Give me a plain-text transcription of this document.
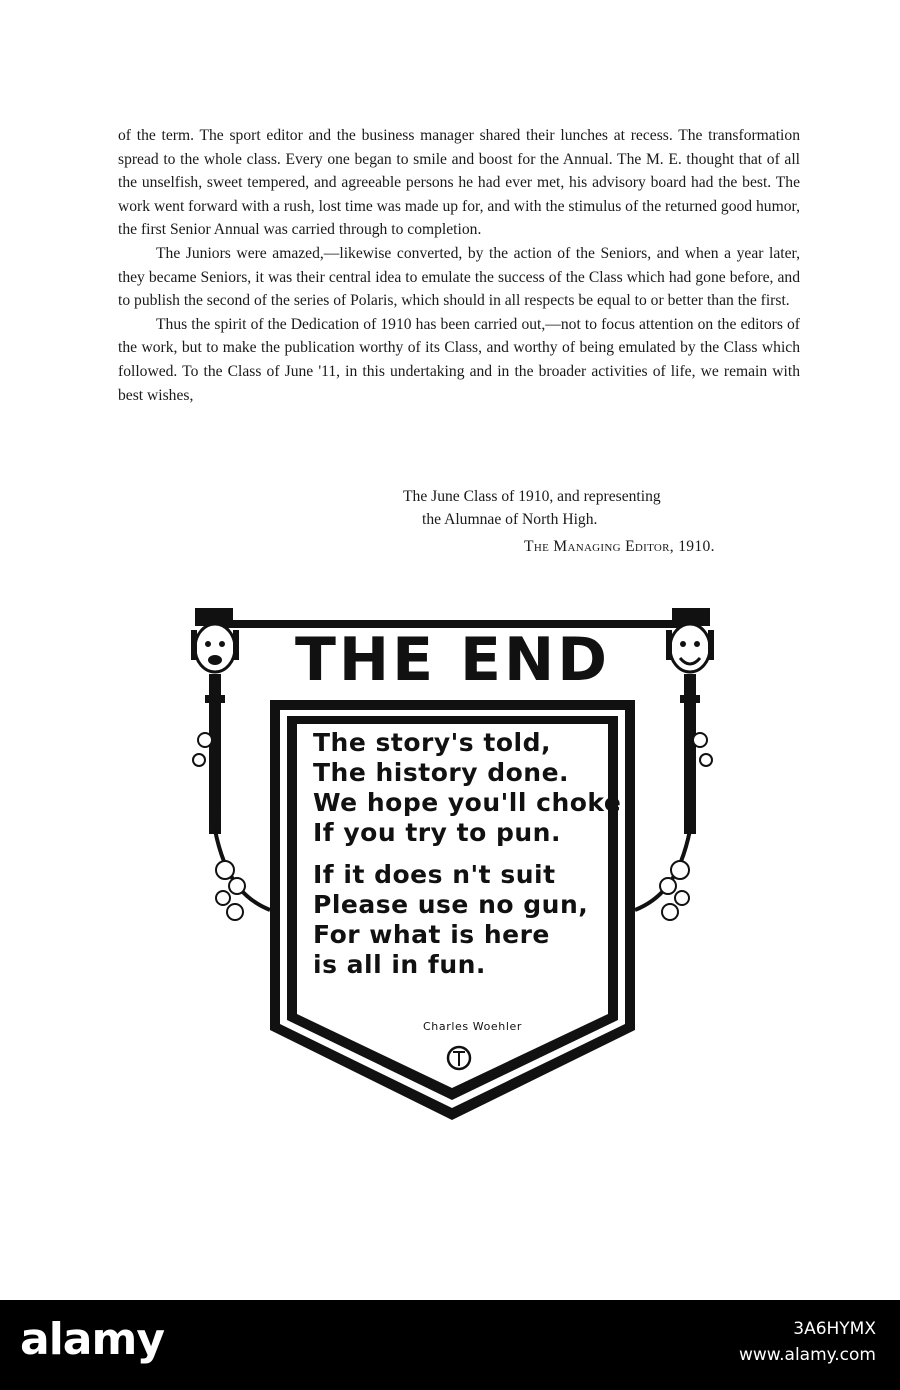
of the term. The sport editor and the business manager shared their lunches at recess. The transformation spread to the whole class. Every one began to smile and boost for the Annual. The M. E. thought that of all the unselfish, sweet tempered, and agreeable persons he had ever met, his advisory board had the best. The work went forward with a rush, lost time was made up for, and with the stimulus of the returned good humor, the first Senior Annual was carried through to completion.

The Juniors were amazed,—likewise converted, by the action of the Seniors, and when a year later, they became Seniors, it was their central idea to emulate the success of the Class which had gone before, and to publish the second of the series of Polaris, which should in all respects be equal to or better than the first.

Thus the spirit of the Dedication of 1910 has been carried out,—not to focus attention on the editors of the work, but to make the publication worthy of its Class, and worthy of being emulated by the Class which followed. To the Class of June '11, in this undertaking and in the broader activities of life, we remain with best wishes,

The June Class of 1910, and representing
the Alumnae of North High.
The Managing Editor, 1910.
THE END
The story's told,
The history done.
We hope you'll choke
If you try to pun.
If it does n't suit
Please use no gun,
For what is here
is all in fun.
Charles Woehler
alamy	3A6HYMX
www.alamy.com
